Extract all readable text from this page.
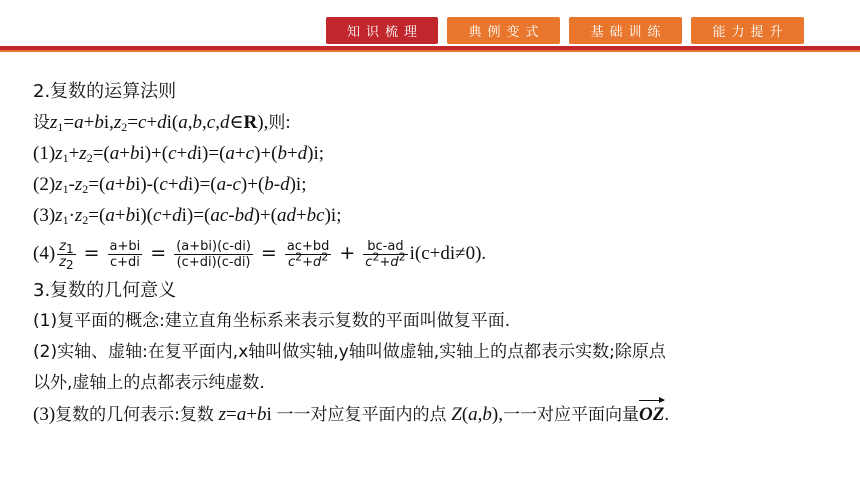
知识梳理	典例变式	基础训练	能力提升
2.复数的运算法则
设$z_1=a+bi,z_2=c+di(a,b,c,d\in R)$,则:
$(1)z_1+z_2=(a+bi)+(c+di)=(a+c)+(b+d)i$;
$(2)z_1-z_2=(a+bi)-(c+di)=(a-c)+(b-d)i$;
$(3)z_1\cdot z_2=(a+bi)(c+di)=(ac-bd)+(ad+bc)i$;
$(4) \frac{z_1}{z_2} = \frac{a+bi}{c+di} = \frac{(a+bi)(c-di)}{(c+di)(c-di)} = \frac{ac+bd}{c^2+d^2} + \frac{bc-ad}{c^2+d^2} i(c+di\ne 0)$.
3.复数的几何意义
(1)复平面的概念:建立直角坐标系来表示复数的平面叫做复平面.
(2)实轴、虚轴:在复平面内,x轴叫做实轴,y轴叫做虚轴,实轴上的点都表示实数;除原点
以外,虚轴上的点都表示纯虚数.
(3)复数的几何表示:复数 z=a+bi 一一对应复平面内的点 Z(a,b),一一对应平面向量OZ.
